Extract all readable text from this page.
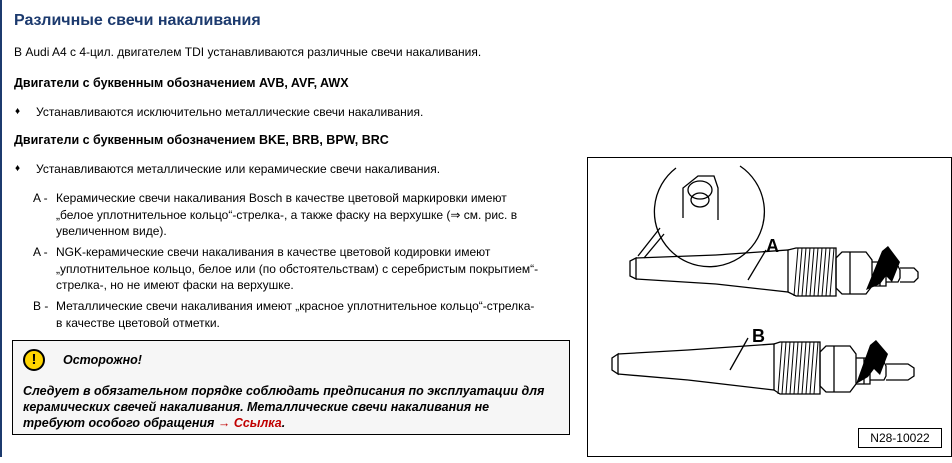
Различные свечи накаливания
В Audi A4 с 4-цил. двигателем TDI устанавливаются различные свечи накаливания.
Двигатели с буквенным обозначением AVB, AVF, AWX
♦ Устанавливаются исключительно металлические свечи накаливания.
Двигатели с буквенным обозначением BKE, BRB, BPW, BRC
♦ Устанавливаются металлические или керамические свечи накаливания.
A - Керамические свечи накаливания Bosch в качестве цветовой маркировки имеют
„белое уплотнительное кольцо“-стрелка-, а также фаску на верхушке (⇒ см. рис. в
увеличенном виде).
A - NGK-керамические свечи накаливания в качестве цветовой кодировки имеют
„уплотнительное кольцо, белое или (по обстоятельствам) с серебристым покрытием“-
стрелка-, но не имеют фаски на верхушке.
B - Металлические свечи накаливания имеют „красное уплотнительное кольцо“-стрелка-
в качестве цветовой отметки.
!	Осторожно!
Следует в обязательном порядке соблюдать предписания по эксплуатации для
керамических свечей накаливания. Металлические свечи накаливания не
требуют особого обращения → Ссылка.
A
B
N28-10022
